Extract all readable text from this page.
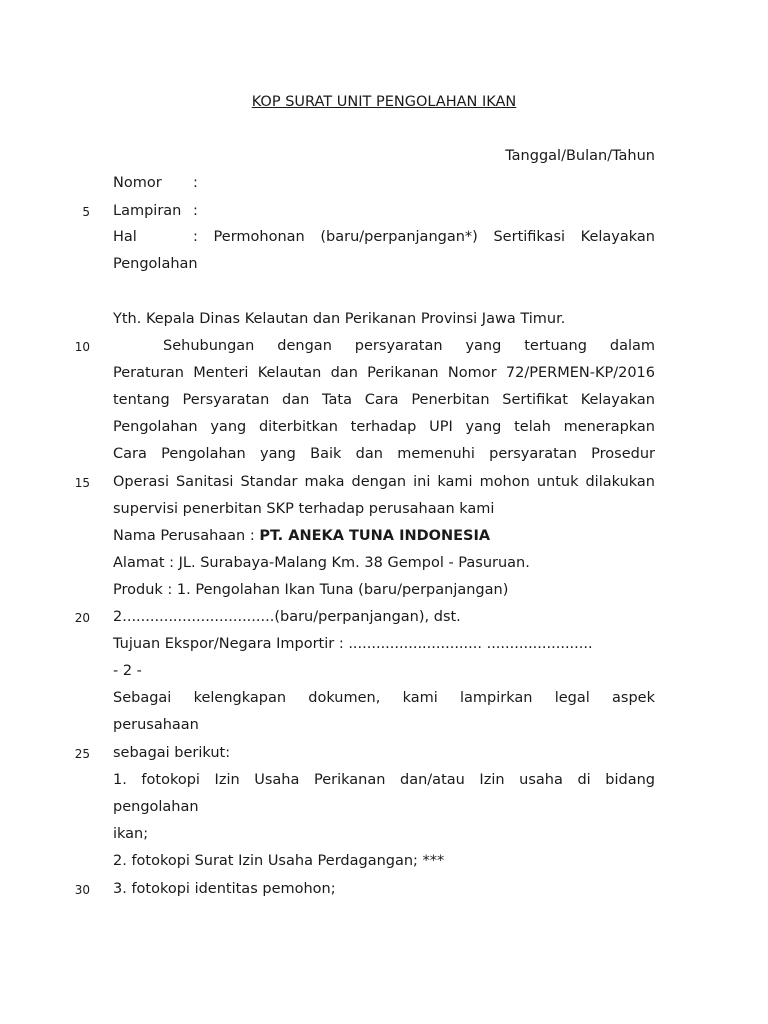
KOP SURAT UNIT PENGOLAHAN IKAN
Tanggal/Bulan/Tahun
Nomor :
5 Lampiran :
Hal	: Permohonan (baru/perpanjangan*) Sertifikasi Kelayakan
Pengolahan
Yth. Kepala Dinas Kelautan dan Perikanan Provinsi Jawa Timur.
10	Sehubungan dengan persyaratan yang tertuang dalam
Peraturan Menteri Kelautan dan Perikanan Nomor 72/PERMEN-KP/2016
tentang Persyaratan dan Tata Cara Penerbitan Sertifikat Kelayakan
Pengolahan yang diterbitkan terhadap UPI yang telah menerapkan
Cara Pengolahan yang Baik dan memenuhi persyaratan Prosedur
15 Operasi Sanitasi Standar maka dengan ini kami mohon untuk dilakukan
supervisi penerbitan SKP terhadap perusahaan kami
Nama Perusahaan : PT. ANEKA TUNA INDONESIA
Alamat : JL. Surabaya-Malang Km. 38 Gempol - Pasuruan.
Produk : 1. Pengolahan Ikan Tuna (baru/perpanjangan)
20 2.................................(baru/perpanjangan), dst.
Tujuan Ekspor/Negara Importir : ............................. .......................
- 2 -
Sebagai kelengkapan dokumen, kami lampirkan legal aspek
perusahaan
25 sebagai berikut:
1. fotokopi Izin Usaha Perikanan dan/atau Izin usaha di bidang
pengolahan
ikan;
2. fotokopi Surat Izin Usaha Perdagangan; ***
30 3. fotokopi identitas pemohon;
